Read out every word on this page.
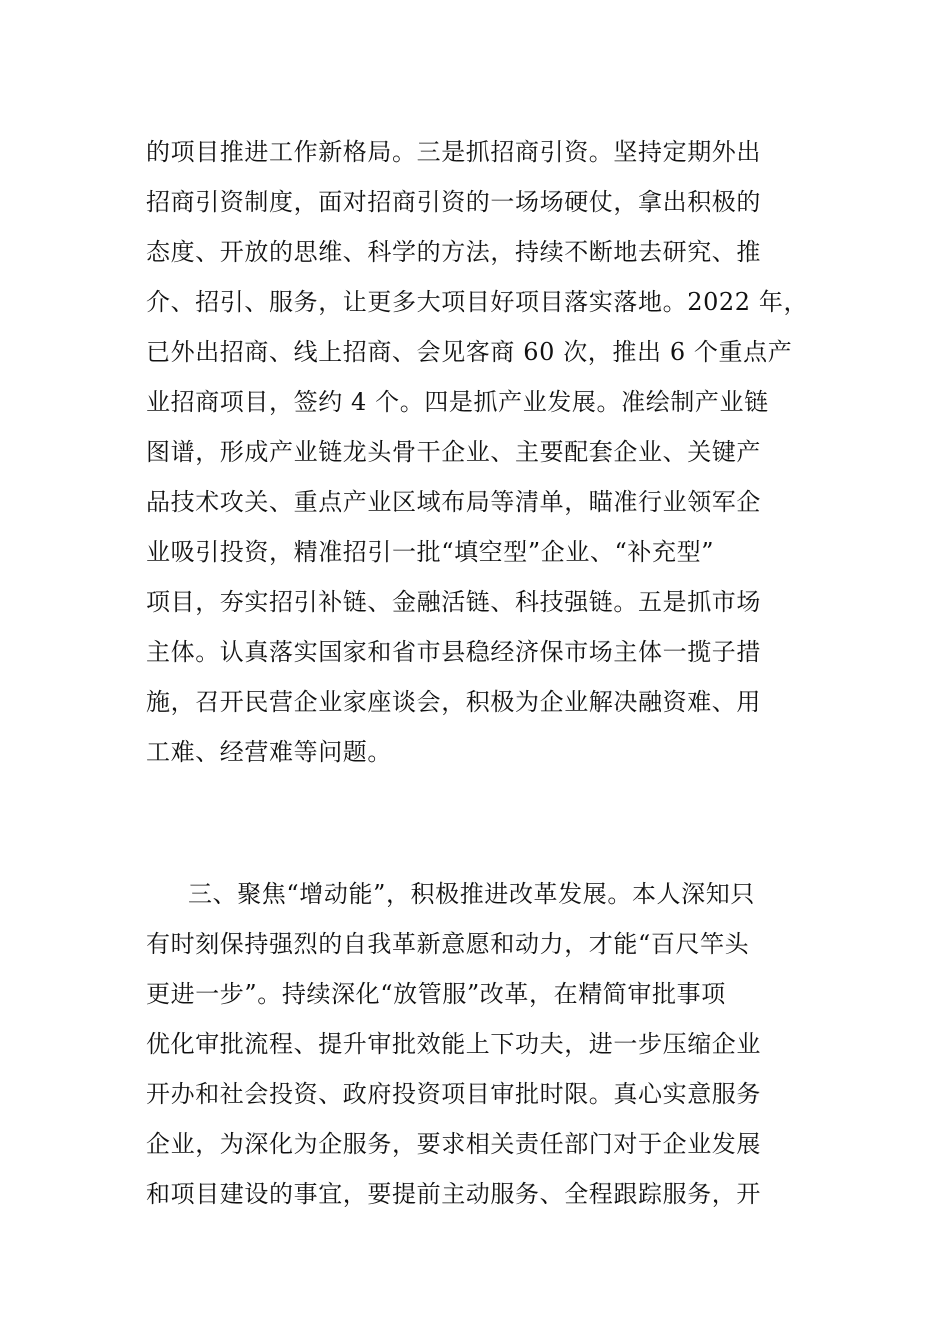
的项目推进工作新格局。三是抓招商引资。坚持定期外出
招商引资制度，面对招商引资的一场场硬仗，拿出积极的
态度、开放的思维、科学的方法，持续不断地去研究、推
介、招引、服务，让更多大项目好项目落实落地。2022 年，
已外出招商、线上招商、会见客商 60 次，推出 6 个重点产
业招商项目，签约 4 个。四是抓产业发展。准绘制产业链
图谱，形成产业链龙头骨干企业、主要配套企业、关键产
品技术攻关、重点产业区域布局等清单，瞄准行业领军企
业吸引投资，精准招引一批“填空型”企业、“补充型”
项目，夯实招引补链、金融活链、科技强链。五是抓市场
主体。认真落实国家和省市县稳经济保市场主体一揽子措
施，召开民营企业家座谈会，积极为企业解决融资难、用
工难、经营难等问题。
三、聚焦“增动能”，积极推进改革发展。本人深知只
有时刻保持强烈的自我革新意愿和动力，才能“百尺竿头
更进一步”。持续深化“放管服”改革，在精简审批事项
优化审批流程、提升审批效能上下功夫，进一步压缩企业
开办和社会投资、政府投资项目审批时限。真心实意服务
企业，为深化为企服务，要求相关责任部门对于企业发展
和项目建设的事宜，要提前主动服务、全程跟踪服务，开
